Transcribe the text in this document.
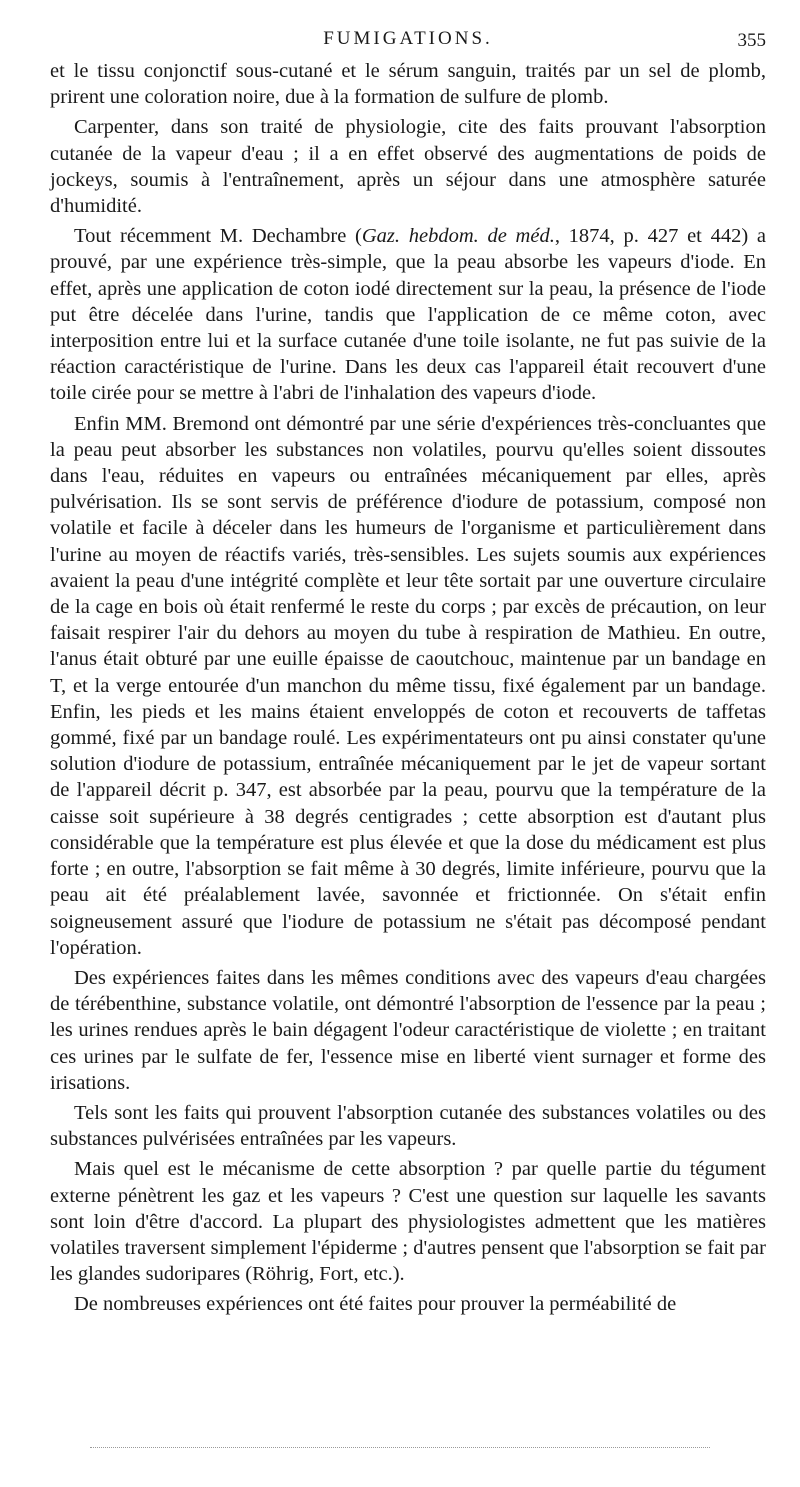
FUMIGATIONS.	355

et le tissu conjonctif sous-cutané et le sérum sanguin, traités par un sel de plomb, prirent une coloration noire, due à la formation de sulfure de plomb.

Carpenter, dans son traité de physiologie, cite des faits prouvant l'absorption cutanée de la vapeur d'eau ; il a en effet observé des augmentations de poids de jockeys, soumis à l'entraînement, après un séjour dans une atmosphère saturée d'humidité.

Tout récemment M. Dechambre (Gaz. hebdom. de méd., 1874, p. 427 et 442) a prouvé, par une expérience très-simple, que la peau absorbe les vapeurs d'iode. En effet, après une application de coton iodé directement sur la peau, la présence de l'iode put être décelée dans l'urine, tandis que l'application de ce même coton, avec interposition entre lui et la surface cutanée d'une toile isolante, ne fut pas suivie de la réaction caractéristique de l'urine. Dans les deux cas l'appareil était recouvert d'une toile cirée pour se mettre à l'abri de l'inhalation des vapeurs d'iode.

Enfin MM. Bremond ont démontré par une série d'expériences très-concluantes que la peau peut absorber les substances non volatiles, pourvu qu'elles soient dissoutes dans l'eau, réduites en vapeurs ou entraînées mécaniquement par elles, après pulvérisation. Ils se sont servis de préférence d'iodure de potassium, composé non volatile et facile à déceler dans les humeurs de l'organisme et particulièrement dans l'urine au moyen de réactifs variés, très-sensibles. Les sujets soumis aux expériences avaient la peau d'une intégrité complète et leur tête sortait par une ouverture circulaire de la cage en bois où était renfermé le reste du corps ; par excès de précaution, on leur faisait respirer l'air du dehors au moyen du tube à respiration de Mathieu. En outre, l'anus était obturé par une euille épaisse de caoutchouc, maintenue par un bandage en T, et la verge entourée d'un manchon du même tissu, fixé également par un bandage. Enfin, les pieds et les mains étaient enveloppés de coton et recouverts de taffetas gommé, fixé par un bandage roulé. Les expérimentateurs ont pu ainsi constater qu'une solution d'iodure de potassium, entraînée mécaniquement par le jet de vapeur sortant de l'appareil décrit p. 347, est absorbée par la peau, pourvu que la température de la caisse soit supérieure à 38 degrés centigrades ; cette absorption est d'autant plus considérable que la température est plus élevée et que la dose du médicament est plus forte ; en outre, l'absorption se fait même à 30 degrés, limite inférieure, pourvu que la peau ait été préalablement lavée, savonnée et frictionnée. On s'était enfin soigneusement assuré que l'iodure de potassium ne s'était pas décomposé pendant l'opération.

Des expériences faites dans les mêmes conditions avec des vapeurs d'eau chargées de térébenthine, substance volatile, ont démontré l'absorption de l'essence par la peau ; les urines rendues après le bain dégagent l'odeur caractéristique de violette ; en traitant ces urines par le sulfate de fer, l'essence mise en liberté vient surnager et forme des irisations.

Tels sont les faits qui prouvent l'absorption cutanée des substances volatiles ou des substances pulvérisées entraînées par les vapeurs.

Mais quel est le mécanisme de cette absorption ? par quelle partie du tégument externe pénètrent les gaz et les vapeurs ? C'est une question sur laquelle les savants sont loin d'être d'accord. La plupart des physiologistes admettent que les matières volatiles traversent simplement l'épiderme ; d'autres pensent que l'absorption se fait par les glandes sudoripares (Röhrig, Fort, etc.).

De nombreuses expériences ont été faites pour prouver la perméabilité de
